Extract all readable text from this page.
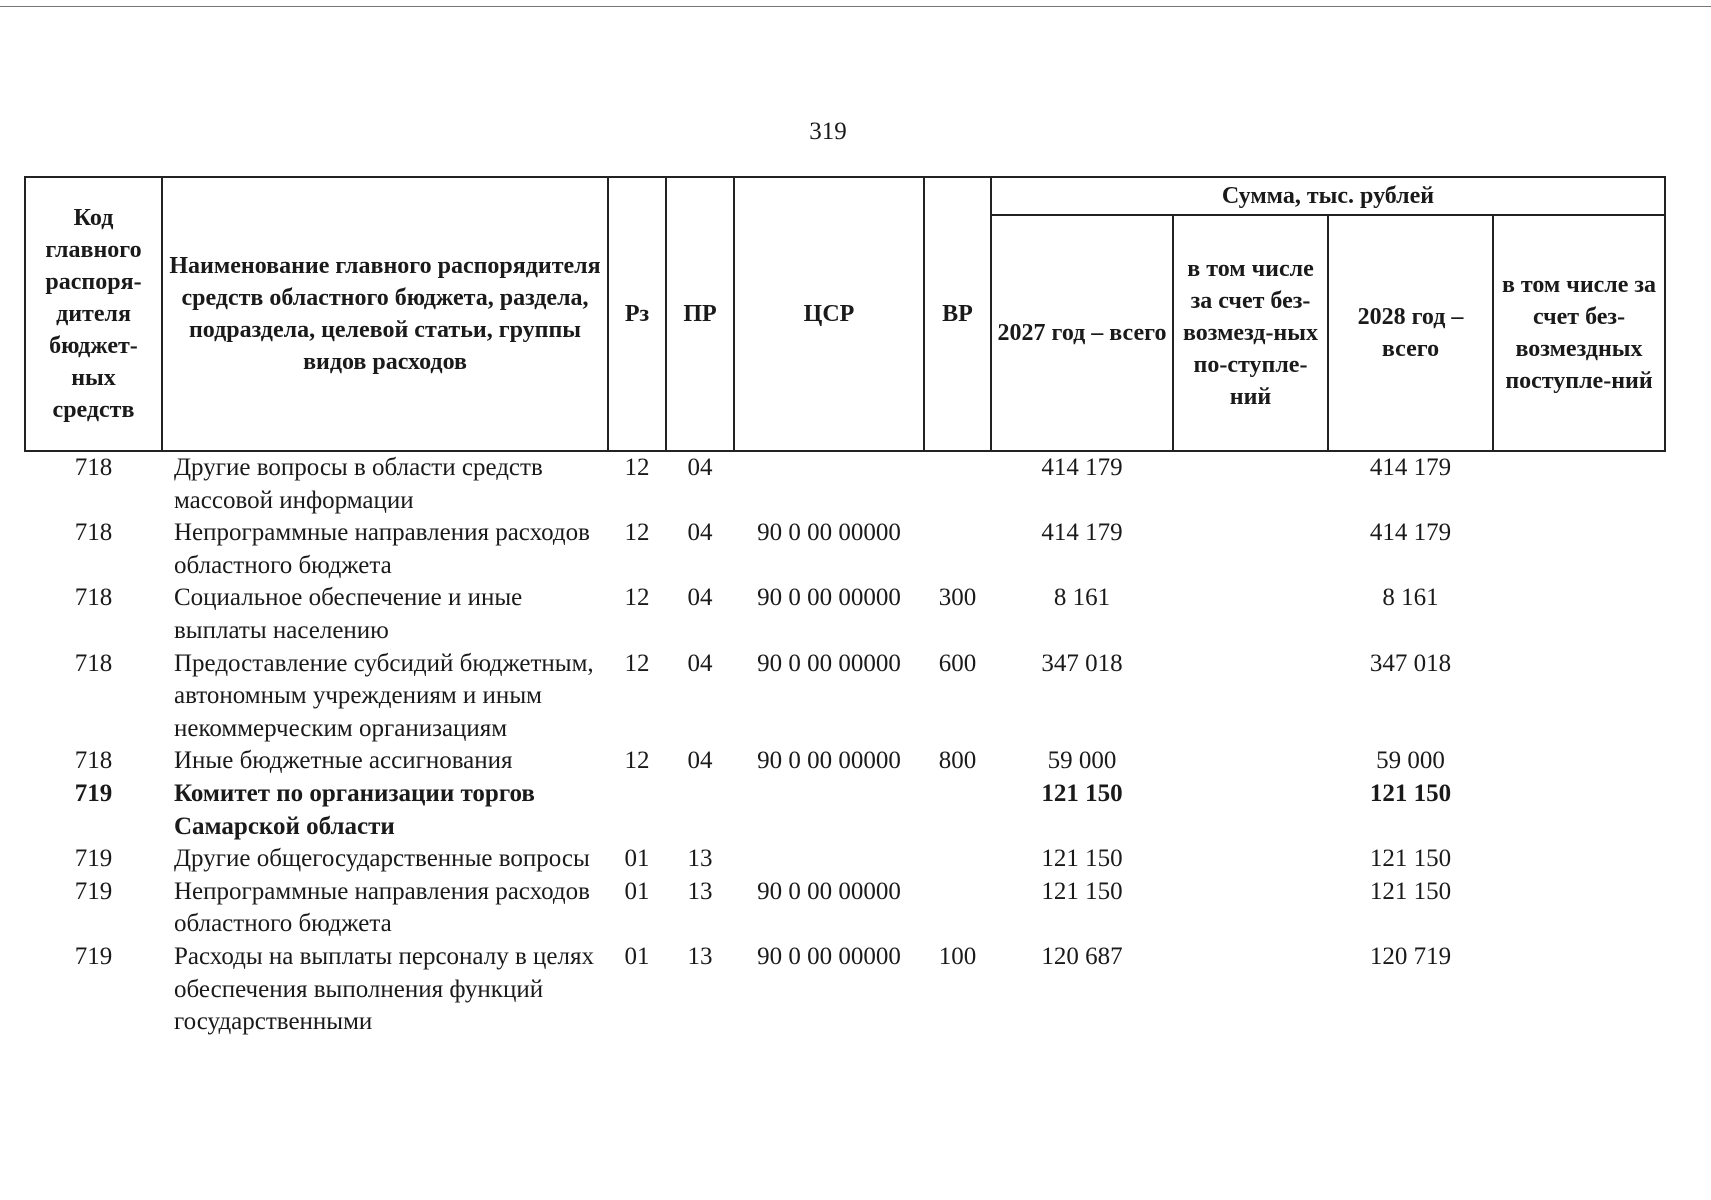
319
Код главного распоря-дителя бюджет-ных средств	Наименование главного распорядителя средств областного бюджета, раздела, подраздела, целевой статьи, группы видов расходов	Рз	ПР	ЦСР	ВР	Сумма, тыс. рублей			
						2027 год – всего	в том числе за счет без-возмезд-ных по-ступле-ний	2028 год – всего	в том числе за счет без-возмездных поступле-ний
718	Другие вопросы в области средств массовой информации	12	04			414 179		414 179	
718	Непрограммные направления расходов областного бюджета	12	04	90 0 00 00000		414 179		414 179	
718	Социальное обеспечение и иные выплаты населению	12	04	90 0 00 00000	300	8 161		8 161	
718	Предоставление субсидий бюджетным, автономным учреждениям и иным некоммерческим организациям	12	04	90 0 00 00000	600	347 018		347 018	
718	Иные бюджетные ассигнования	12	04	90 0 00 00000	800	59 000		59 000	
719	Комитет по организации торгов Самарской области					121 150		121 150	
719	Другие общегосударственные вопросы	01	13			121 150		121 150	
719	Непрограммные направления расходов областного бюджета	01	13	90 0 00 00000		121 150		121 150	
719	Расходы на выплаты персоналу в целях обеспечения выполнения функций государственными	01	13	90 0 00 00000	100	120 687		120 719	
